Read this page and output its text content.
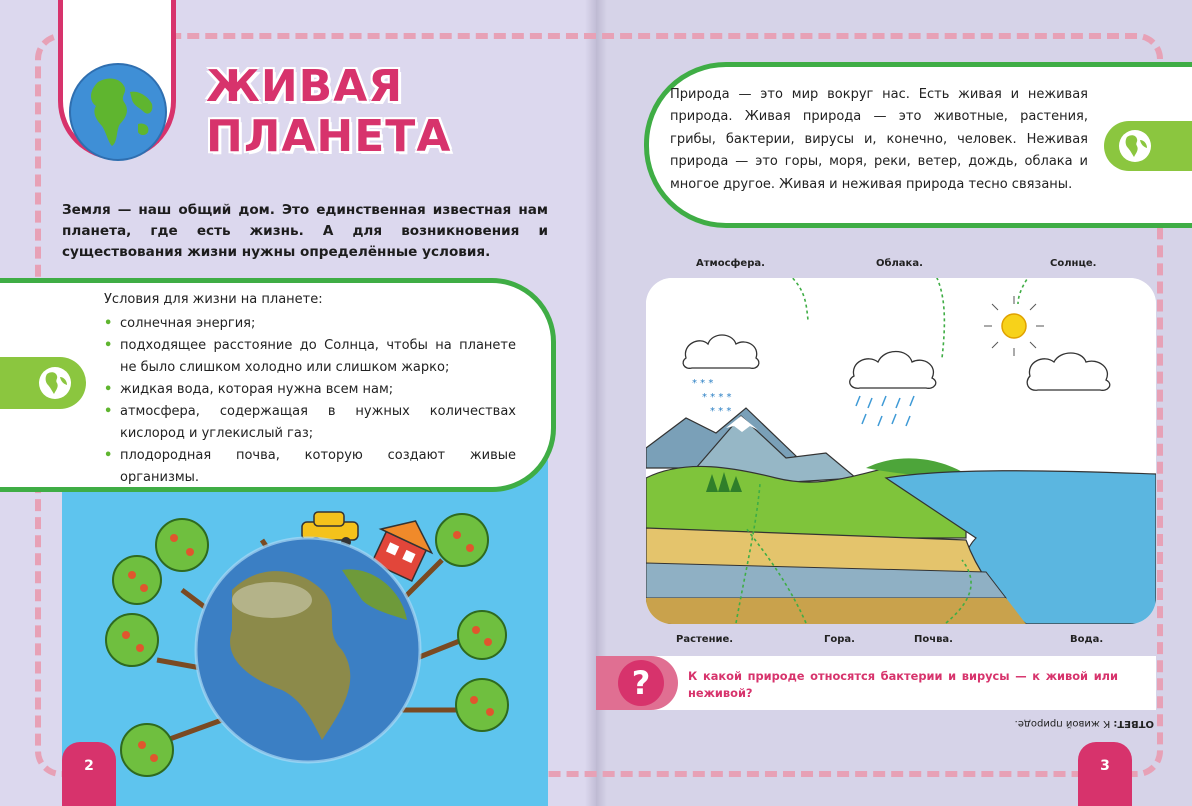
ЖИВАЯ
ПЛАНЕТА

Земля — наш общий дом. Это единственная известная нам планета, где есть жизнь. А для возникновения и существования жизни нужны определённые условия.

Условия для жизни на планете:

• солнечная энергия;
• подходящее расстояние до Солнца, чтобы на планете не было слишком холодно или слишком жарко;
• жидкая вода, которая нужна всем нам;
• атмосфера, содержащая в нужных количествах кислород и углекислый газ;
• плодородная почва, которую создают живые организмы.
2

Природа — это мир вокруг нас. Есть живая и неживая природа. Живая природа — это животные, растения, грибы, бактерии, вирусы и, конечно, человек. Неживая природа — это горы, моря, реки, ветер, дождь, облака и многое другое. Живая и неживая природа тесно связаны.

* * *
* * * *
* * *

Атмосфера.	Облака.	Солнце.

Растение.	Гора.	Почва.	Вода.

?	К какой природе относятся бактерии и вирусы — к живой или неживой?

ОТВЕТ: К живой природе.

3
